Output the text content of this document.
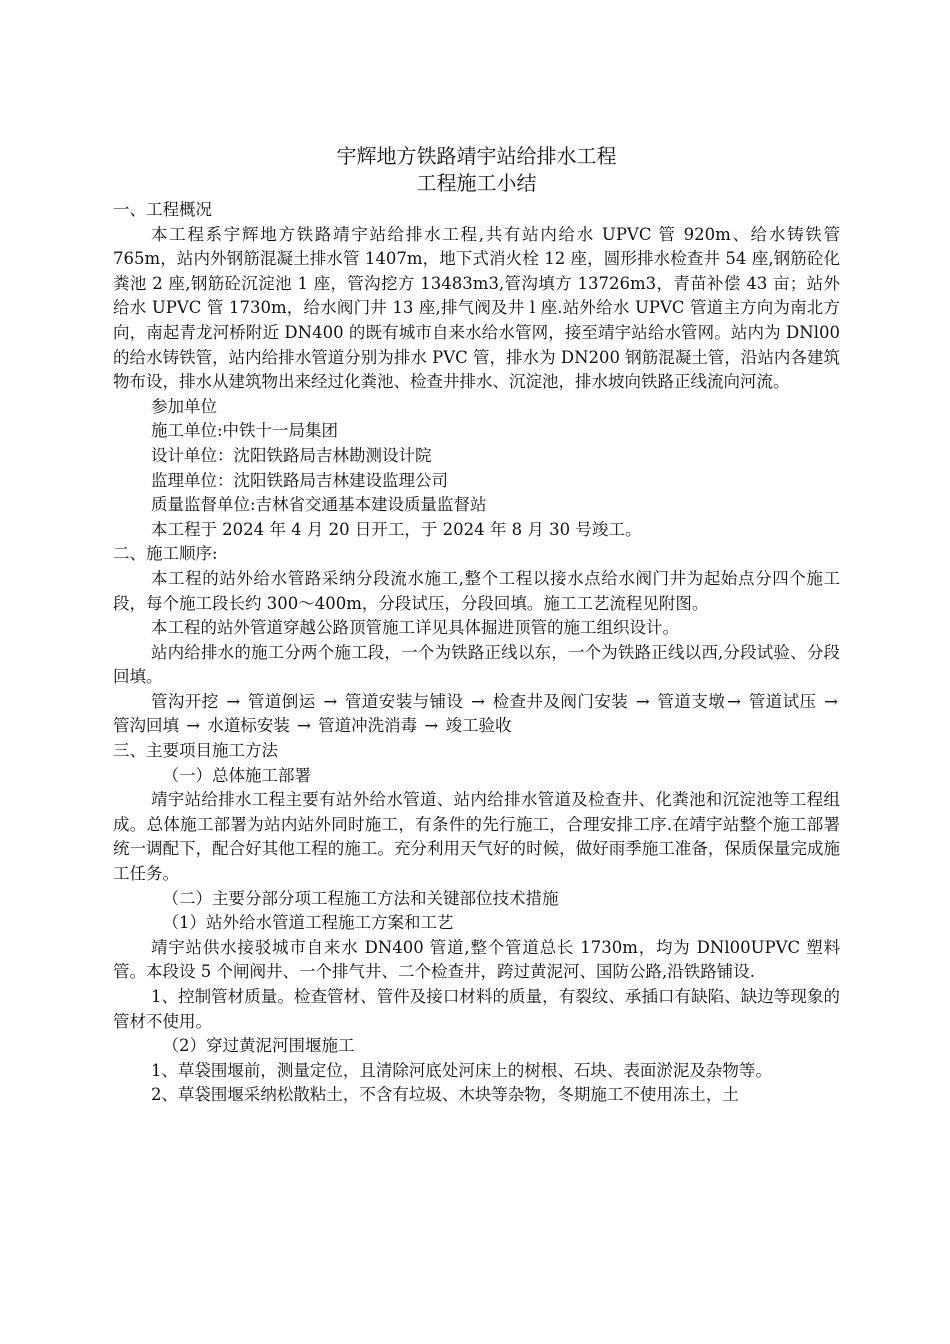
宇辉地方铁路靖宇站给排水工程
工程施工小结

一、工程概况

本工程系宇辉地方铁路靖宇站给排水工程,共有站内给水 UPVC 管 920m、给水铸铁管 765m，站内外钢筋混凝土排水管 1407m，地下式消火栓 12 座，圆形排水检查井 54 座,钢筋砼化粪池 2 座,钢筋砼沉淀池 1 座，管沟挖方 13483m3,管沟填方 13726m3，青苗补偿 43 亩；站外给水 UPVC 管 1730m，给水阀门井 13 座,排气阀及井 l 座.站外给水 UPVC 管道主方向为南北方向，南起青龙河桥附近 DN400 的既有城市自来水给水管网，接至靖宇站给水管网。站内为 DNl00 的给水铸铁管，站内给排水管道分别为排水 PVC 管，排水为 DN200 钢筋混凝土管，沿站内各建筑物布设，排水从建筑物出来经过化粪池、检查井排水、沉淀池，排水坡向铁路正线流向河流。

参加单位

施工单位:中铁十一局集团

设计单位：沈阳铁路局吉林勘测设计院

监理单位：沈阳铁路局吉林建设监理公司

质量监督单位:吉林省交通基本建设质量监督站

本工程于 2024 年 4 月 20 日开工，于 2024 年 8 月 30 号竣工。

二、施工顺序:

本工程的站外给水管路采纳分段流水施工,整个工程以接水点给水阀门井为起始点分四个施工段，每个施工段长约 300～400m，分段试压，分段回填。施工工艺流程见附图。

本工程的站外管道穿越公路顶管施工详见具体掘进顶管的施工组织设计。

站内给排水的施工分两个施工段，一个为铁路正线以东，一个为铁路正线以西,分段试验、分段回填。

管沟开挖 → 管道倒运 → 管道安装与铺设 → 检查井及阀门安装 → 管道支墩 → 管道试压 → 管沟回填 → 水道标安装 → 管道冲洗消毒 → 竣工验收

三、主要项目施工方法

（一）总体施工部署

靖宇站给排水工程主要有站外给水管道、站内给排水管道及检查井、化粪池和沉淀池等工程组成。总体施工部署为站内站外同时施工，有条件的先行施工，合理安排工序.在靖宇站整个施工部署统一调配下，配合好其他工程的施工。充分利用天气好的时候，做好雨季施工准备，保质保量完成施工任务。

（二）主要分部分项工程施工方法和关键部位技术措施

（1）站外给水管道工程施工方案和工艺

靖宇站供水接驳城市自来水 DN400 管道,整个管道总长 1730m，均为 DNl00UPVC 塑料管。本段设 5 个闸阀井、一个排气井、二个检查井，跨过黄泥河、国防公路,沿铁路铺设.

1、控制管材质量。检查管材、管件及接口材料的质量，有裂纹、承插口有缺陷、缺边等现象的管材不使用。

（2）穿过黄泥河围堰施工

1、草袋围堰前，测量定位，且清除河底处河床上的树根、石块、表面淤泥及杂物等。

2、草袋围堰采纳松散粘土，不含有垃圾、木块等杂物，冬期施工不使用冻土，土
